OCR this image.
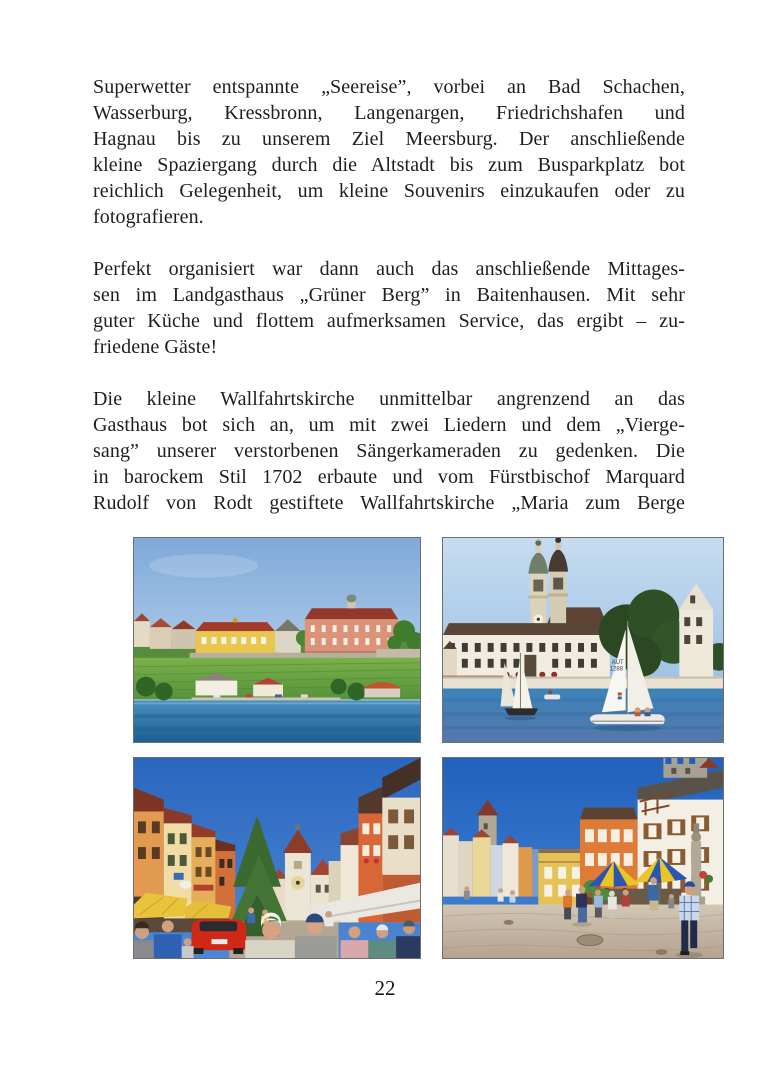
Superwetter entspannte „Seereise”, vorbei an Bad Schachen,
Wasserburg, Kressbronn, Langenargen, Friedrichshafen und
Hagnau bis zu unserem Ziel Meersburg. Der anschließende
kleine Spaziergang durch die Altstadt bis zum Busparkplatz bot
reichlich Gelegenheit, um kleine Souvenirs einzukaufen oder zu
fotografieren.
Perfekt organisiert war dann auch das anschließende Mittages-
sen im Landgasthaus „Grüner Berg” in Baitenhausen. Mit sehr
guter Küche und flottem aufmerksamen Service, das ergibt – zu-
friedene Gäste!
Die kleine Wallfahrtskirche unmittelbar angrenzend an das
Gasthaus bot sich an, um mit zwei Liedern und dem „Vierge-
sang” unserer verstorbenen Sängerkameraden zu gedenken. Die
in barockem Stil 1702 erbaute und vom Fürstbischof Marquard
Rudolf von Rodt gestiftete Wallfahrtskirche „Maria zum Berge
AUT
1288
22
